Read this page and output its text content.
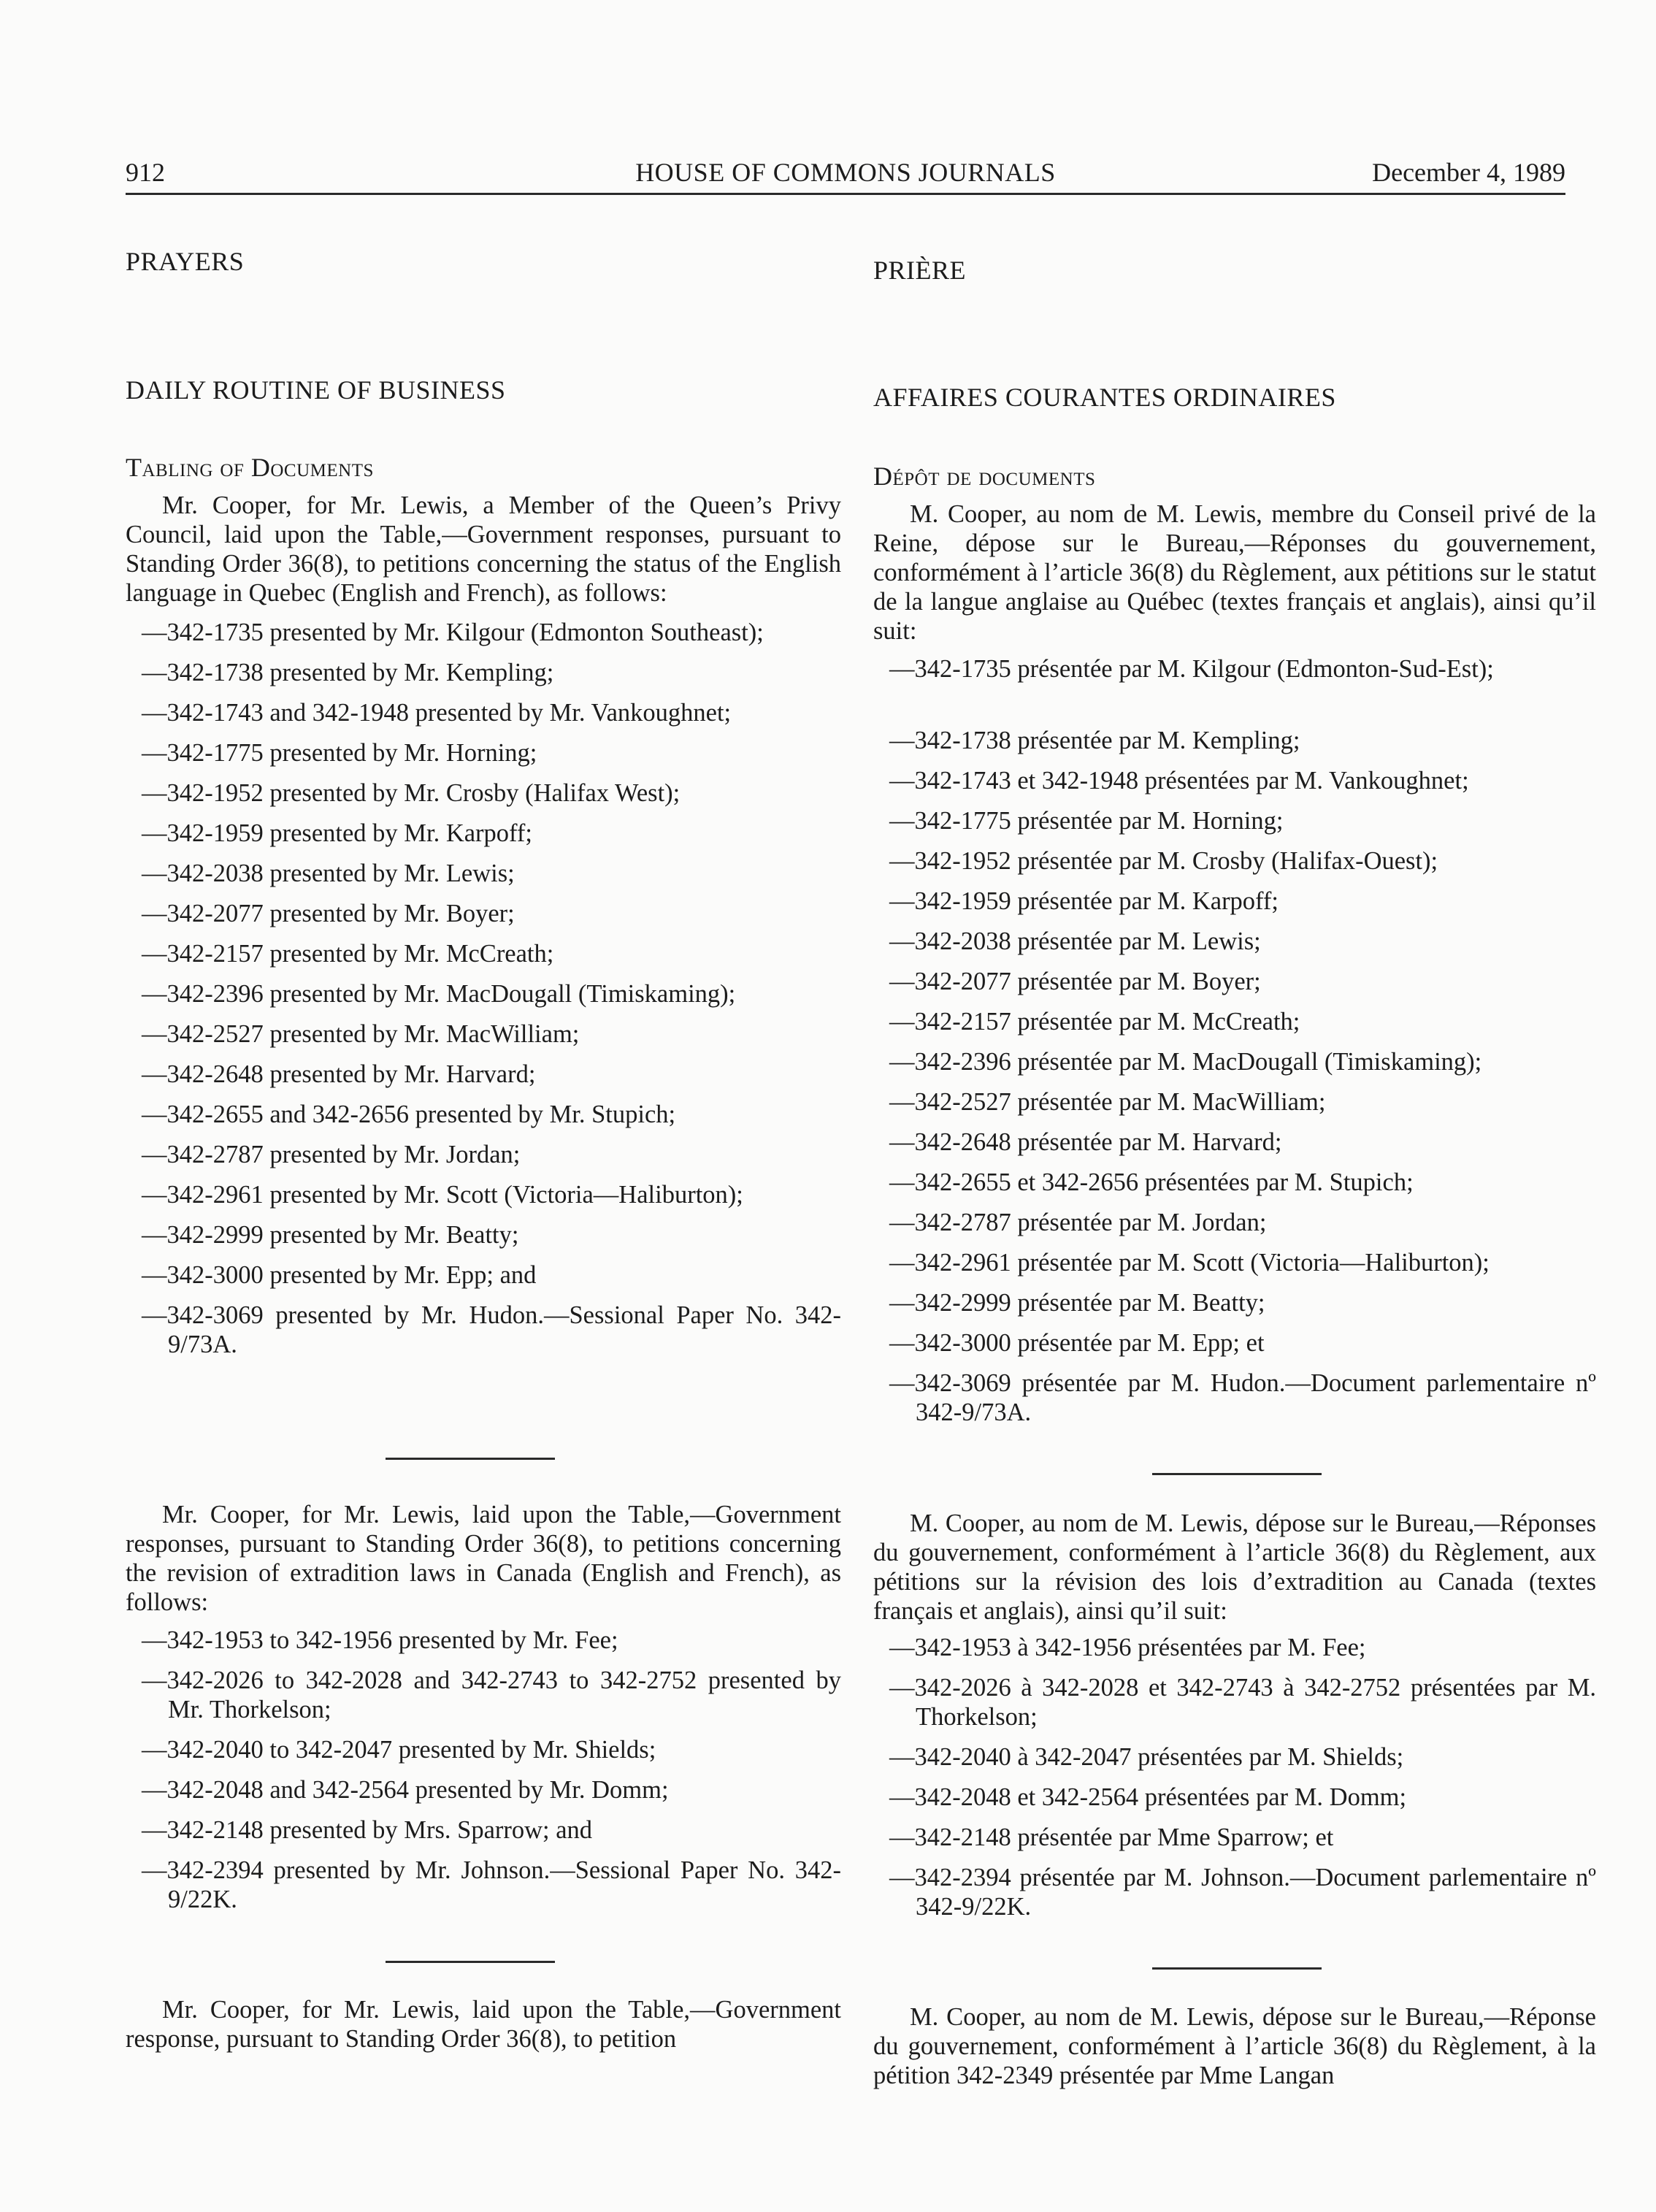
912	HOUSE OF COMMONS JOURNALS	December 4, 1989
PRAYERS
DAILY ROUTINE OF BUSINESS
Tabling of Documents

Mr. Cooper, for Mr. Lewis, a Member of the Queen’s Privy Council, laid upon the Table,—Government responses, pursuant to Standing Order 36(8), to petitions concerning the status of the English language in Quebec (English and French), as follows:

—342-1735 presented by Mr. Kilgour (Edmonton Southeast);
—342-1738 presented by Mr. Kempling;
—342-1743 and 342-1948 presented by Mr. Vankoughnet;
—342-1775 presented by Mr. Horning;
—342-1952 presented by Mr. Crosby (Halifax West);
—342-1959 presented by Mr. Karpoff;
—342-2038 presented by Mr. Lewis;
—342-2077 presented by Mr. Boyer;
—342-2157 presented by Mr. McCreath;
—342-2396 presented by Mr. MacDougall (Timiskaming);
—342-2527 presented by Mr. MacWilliam;
—342-2648 presented by Mr. Harvard;
—342-2655 and 342-2656 presented by Mr. Stupich;
—342-2787 presented by Mr. Jordan;
—342-2961 presented by Mr. Scott (Victoria—Haliburton);
—342-2999 presented by Mr. Beatty;
—342-3000 presented by Mr. Epp; and
—342-3069 presented by Mr. Hudon.—Sessional Paper No. 342-9/73A.

Mr. Cooper, for Mr. Lewis, laid upon the Table,—Government responses, pursuant to Standing Order 36(8), to petitions concerning the revision of extradition laws in Canada (English and French), as follows:

—342-1953 to 342-1956 presented by Mr. Fee;
—342-2026 to 342-2028 and 342-2743 to 342-2752 presented by Mr. Thorkelson;
—342-2040 to 342-2047 presented by Mr. Shields;
—342-2048 and 342-2564 presented by Mr. Domm;
—342-2148 presented by Mrs. Sparrow; and
—342-2394 presented by Mr. Johnson.—Sessional Paper No. 342-9/22K.

Mr. Cooper, for Mr. Lewis, laid upon the Table,—Government response, pursuant to Standing Order 36(8), to petition

PRIÈRE
AFFAIRES COURANTES ORDINAIRES
Dépôt de documents

M. Cooper, au nom de M. Lewis, membre du Conseil privé de la Reine, dépose sur le Bureau,—Réponses du gouvernement, conformément à l’article 36(8) du Règlement, aux pétitions sur le statut de la langue anglaise au Québec (textes français et anglais), ainsi qu’il suit:

—342-1735 présentée par M. Kilgour (Edmonton-Sud-Est);
—342-1738 présentée par M. Kempling;
—342-1743 et 342-1948 présentées par M. Vankoughnet;
—342-1775 présentée par M. Horning;
—342-1952 présentée par M. Crosby (Halifax-Ouest);
—342-1959 présentée par M. Karpoff;
—342-2038 présentée par M. Lewis;
—342-2077 présentée par M. Boyer;
—342-2157 présentée par M. McCreath;
—342-2396 présentée par M. MacDougall (Timiskaming);
—342-2527 présentée par M. MacWilliam;
—342-2648 présentée par M. Harvard;
—342-2655 et 342-2656 présentées par M. Stupich;
—342-2787 présentée par M. Jordan;
—342-2961 présentée par M. Scott (Victoria—Haliburton);
—342-2999 présentée par M. Beatty;
—342-3000 présentée par M. Epp; et
—342-3069 présentée par M. Hudon.—Document parlementaire nº 342-9/73A.

M. Cooper, au nom de M. Lewis, dépose sur le Bureau,—Réponses du gouvernement, conformément à l’article 36(8) du Règlement, aux pétitions sur la révision des lois d’extradition au Canada (textes français et anglais), ainsi qu’il suit:

—342-1953 à 342-1956 présentées par M. Fee;
—342-2026 à 342-2028 et 342-2743 à 342-2752 présentées par M. Thorkelson;
—342-2040 à 342-2047 présentées par M. Shields;
—342-2048 et 342-2564 présentées par M. Domm;
—342-2148 présentée par Mme Sparrow; et
—342-2394 présentée par M. Johnson.—Document parlementaire nº 342-9/22K.

M. Cooper, au nom de M. Lewis, dépose sur le Bureau,—Réponse du gouvernement, conformément à l’article 36(8) du Règlement, à la pétition 342-2349 présentée par Mme Langan
